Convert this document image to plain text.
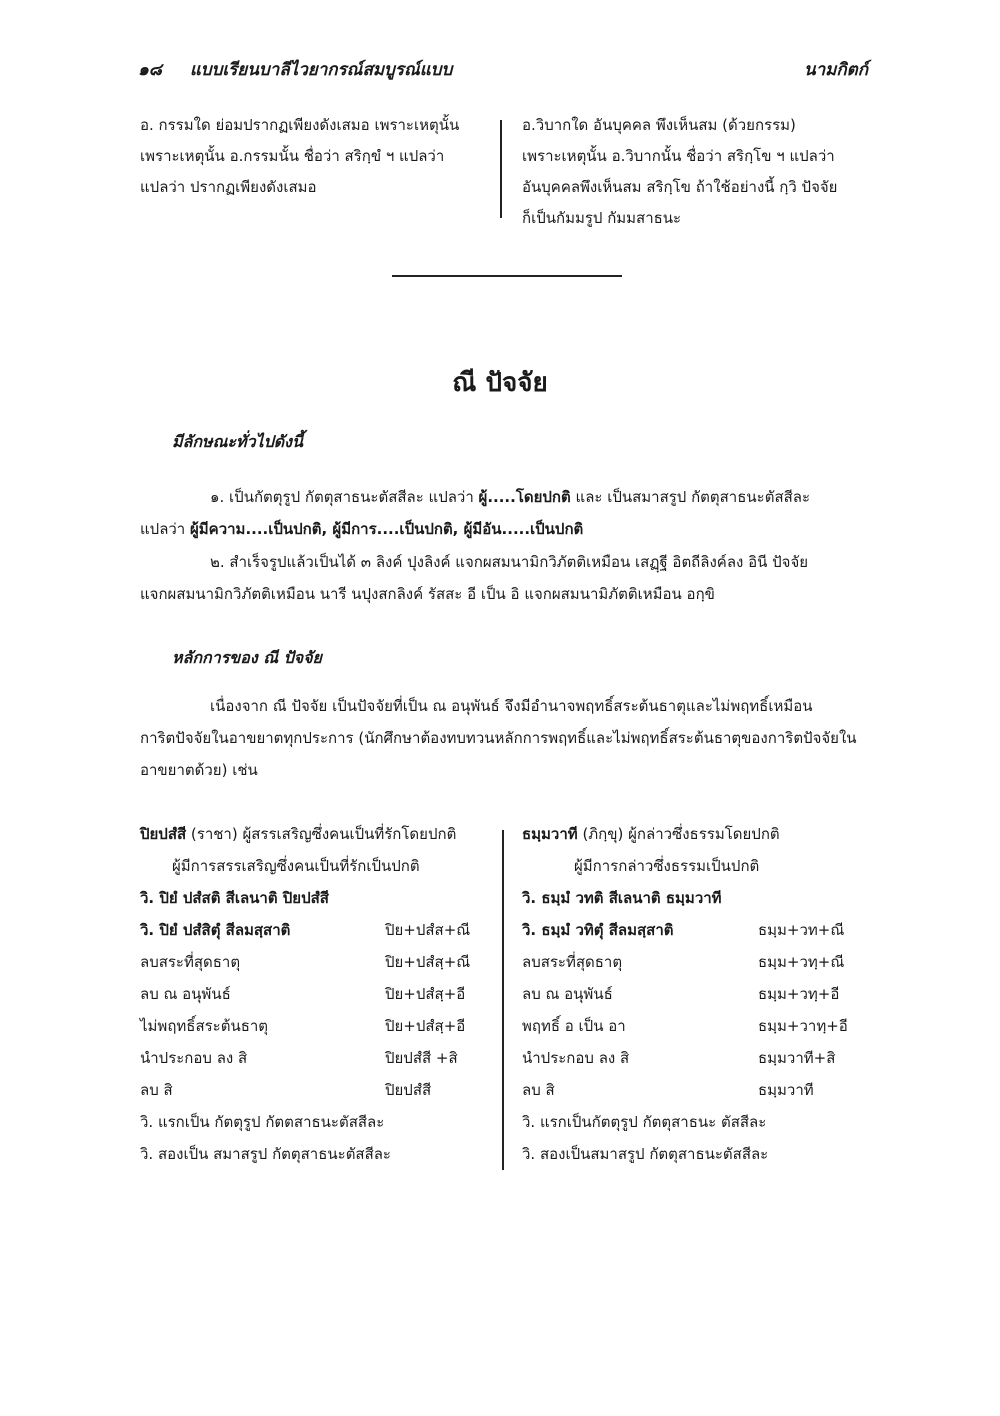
๑๘ แบบเรียนบาลีไวยากรณ์สมบูรณ์แบบ	นามกิตก์
อ. กรรมใด ย่อมปรากฏเพียงดังเสมอ เพราะเหตุนั้น
เพราะเหตุนั้น อ.กรรมนั้น ชื่อว่า สริกฺขํ ฯ แปลว่า
แปลว่า ปรากฏเพียงดังเสมอ
อ.วิบากใด อันบุคคล พึงเห็นสม (ด้วยกรรม)
เพราะเหตุนั้น อ.วิบากนั้น ชื่อว่า สริกฺโข ฯ แปลว่า
อันบุคคลพึงเห็นสม สริกฺโข ถ้าใช้อย่างนี้ กฺวิ ปัจจัย
ก็เป็นกัมมรูป กัมมสาธนะ
ณี ปัจจัย
มีลักษณะทั่วไปดังนี้
๑. เป็นกัตตุรูป กัตตุสาธนะตัสสีละ แปลว่า ผู้.....โดยปกติ และ เป็นสมาสรูป กัตตุสาธนะตัสสีละ
แปลว่า ผู้มีความ....เป็นปกติ, ผู้มีการ....เป็นปกติ, ผู้มีอัน.....เป็นปกติ
๒. สำเร็จรูปแล้วเป็นได้ ๓ ลิงค์ ปุงลิงค์ แจกผสมนามิกวิภัตติเหมือน เสฏฺฐี อิตถีลิงค์ลง อินี ปัจจัย
แจกผสมนามิกวิภัตติเหมือน นารี นปุงสกลิงค์ รัสสะ อี เป็น อิ แจกผสมนามิภัตติเหมือน อกฺขิ
หลักการของ ณี ปัจจัย
เนื่องจาก ณี ปัจจัย เป็นปัจจัยที่เป็น ณ อนุพันธ์ จึงมีอำนาจพฤทธิ์สระต้นธาตุและไม่พฤทธิ์เหมือน
การิตปัจจัยในอาขยาตทุกประการ (นักศึกษาต้องทบทวนหลักการพฤทธิ์และไม่พฤทธิ์สระต้นธาตุของการิตปัจจัยใน
อาขยาตด้วย) เช่น
ปิยปสํสี (ราชา) ผู้สรรเสริญซึ่งคนเป็นที่รักโดยปกติ
ผู้มีการสรรเสริญซึ่งคนเป็นที่รักเป็นปกติ
วิ. ปิยํ ปสํสติ สีเลนาติ ปิยปสํสี
วิ. ปิยํ ปสํสิตุํ สีลมสฺสาติ	ปิย+ปสํส+ณี
ลบสระที่สุดธาตุ	ปิย+ปสํสฺ+ณี
ลบ ณ อนุพันธ์	ปิย+ปสํสฺ+อี
ไม่พฤทธิ์สระต้นธาตุ	ปิย+ปสํสฺ+อี
นำประกอบ ลง สิ	ปิยปสํสี +สิ
ลบ สิ	ปิยปสํสี
วิ. แรกเป็น กัตตุรูป กัตตสาธนะตัสสีละ
วิ. สองเป็น สมาสรูป กัตตุสาธนะตัสสีละ
ธมฺมวาที (ภิกฺขุ) ผู้กล่าวซึ่งธรรมโดยปกติ
ผู้มีการกล่าวซึ่งธรรมเป็นปกติ
วิ. ธมฺมํ วทติ สีเลนาติ ธมฺมวาที
วิ. ธมฺมํ วทิตุํ สีลมสฺสาติ	ธมฺม+วท+ณี
ลบสระที่สุดธาตุ	ธมฺม+วทฺ+ณี
ลบ ณ อนุพันธ์	ธมฺม+วทฺ+อี
พฤทธิ์ อ เป็น อา	ธมฺม+วาทฺ+อี
นำประกอบ ลง สิ	ธมฺมวาที+สิ
ลบ สิ	ธมฺมวาที
วิ. แรกเป็นกัตตุรูป กัตตุสาธนะ ตัสสีละ
วิ. สองเป็นสมาสรูป กัตตุสาธนะตัสสีละ
